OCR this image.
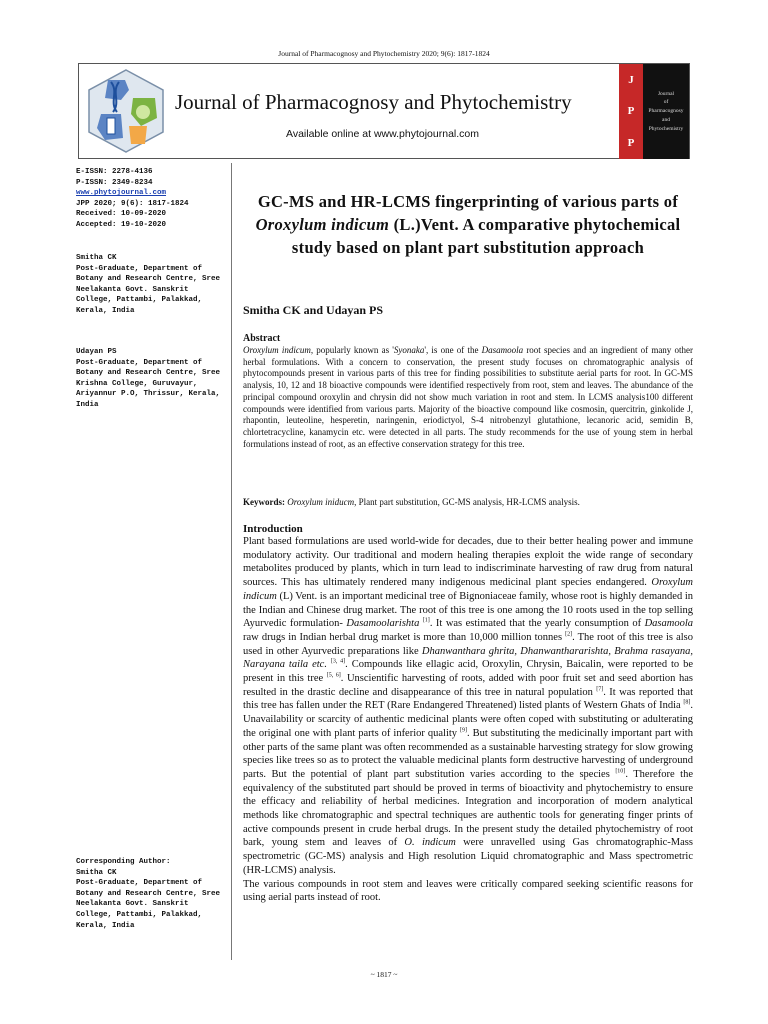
Journal of Pharmacognosy and Phytochemistry 2020; 9(6): 1817-1824
Journal of Pharmacognosy and Phytochemistry
Available online at www.phytojournal.com
J
P
P
Journal
of
Pharmacognosy
and
Phytochemistry
E-ISSN: 2278-4136
P-ISSN: 2349-8234
www.phytojournal.com
JPP 2020; 9(6): 1817-1824
Received: 10-09-2020
Accepted: 19-10-2020
Smitha CK
Post-Graduate, Department of Botany and Research Centre, Sree Neelakanta Govt. Sanskrit College, Pattambi, Palakkad, Kerala, India
Udayan PS
Post-Graduate, Department of Botany and Research Centre, Sree Krishna College, Guruvayur, Ariyannur P.O, Thrissur, Kerala, India
Corresponding Author:
Smitha CK
Post-Graduate, Department of Botany and Research Centre, Sree Neelakanta Govt. Sanskrit College, Pattambi, Palakkad, Kerala, India
GC-MS and HR-LCMS fingerprinting of various parts of Oroxylum indicum (L.)Vent. A comparative phytochemical study based on plant part substitution approach
Smitha CK and Udayan PS
Abstract
Oroxylum indicum, popularly known as 'Syonaka', is one of the Dasamoola root species and an ingredient of many other herbal formulations. With a concern to conservation, the present study focuses on chromatographic analysis of phytocompounds present in various parts of this tree for finding possibilities to substitute aerial parts for root. In GC-MS analysis, 10, 12 and 18 bioactive compounds were identified respectively from root, stem and leaves. The abundance of the principal compound oroxylin and chrysin did not show much variation in root and stem. In LCMS analysis100 different compounds were identified from various parts. Majority of the bioactive compound like cosmosin, quercitrin, ginkolide J, rhapontin, leuteoline, hesperetin, naringenin, eriodictyol, S-4 nitrobenzyl glutathione, lecanoric acid, semidin B, chlortetracycline, kanamycin etc. were detected in all parts. The study recommends for the use of young stem in herbal formulations instead of root, as an effective conservation strategy for this tree.
Keywords: Oroxylum iniducm, Plant part substitution, GC-MS analysis, HR-LCMS analysis.
Introduction
Plant based formulations are used world-wide for decades, due to their better healing power and immune modulatory activity. Our traditional and modern healing therapies exploit the wide range of secondary metabolites produced by plants, which in turn lead to indiscriminate harvesting of raw drug from natural sources. This has ultimately rendered many indigenous medicinal plant species endangered. Oroxylum indicum (L) Vent. is an important medicinal tree of Bignoniaceae family, whose root is highly demanded in the Indian and Chinese drug market. The root of this tree is one among the 10 roots used in the top selling Ayurvedic formulation- Dasamoolarishta [1]. It was estimated that the yearly consumption of Dasamoola raw drugs in Indian herbal drug market is more than 10,000 million tonnes [2]. The root of this tree is also used in other Ayurvedic preparations like Dhanwanthara ghrita, Dhanwanthararishta, Brahma rasayana, Narayana taila etc. [3, 4]. Compounds like ellagic acid, Oroxylin, Chrysin, Baicalin, were reported to be present in this tree [5, 6]. Unscientific harvesting of roots, added with poor fruit set and seed abortion has resulted in the drastic decline and disappearance of this tree in natural population [7]. It was reported that this tree has fallen under the RET (Rare Endangered Threatened) listed plants of Western Ghats of India [8]. Unavailability or scarcity of authentic medicinal plants were often coped with substituting or adulterating the original one with plant parts of inferior quality [9]. But substituting the medicinally important part with other parts of the same plant was often recommended as a sustainable harvesting strategy for slow growing species like trees so as to protect the valuable medicinal plants form destructive harvesting of underground parts. But the potential of plant part substitution varies according to the species [10]. Therefore the equivalency of the substituted part should be proved in terms of bioactivity and phytochemistry to ensure the efficacy and reliability of herbal medicines. Integration and incorporation of modern analytical methods like chromatographic and spectral techniques are authentic tools for generating finger prints of active compounds present in crude herbal drugs. In the present study the detailed phytochemistry of root bark, young stem and leaves of O. indicum were unravelled using Gas chromatographic-Mass spectrometric (GC-MS) analysis and High resolution Liquid chromatographic and Mass spectrometric (HR-LCMS) analysis.
The various compounds in root stem and leaves were critically compared seeking scientific reasons for using aerial parts instead of root.
~ 1817 ~
